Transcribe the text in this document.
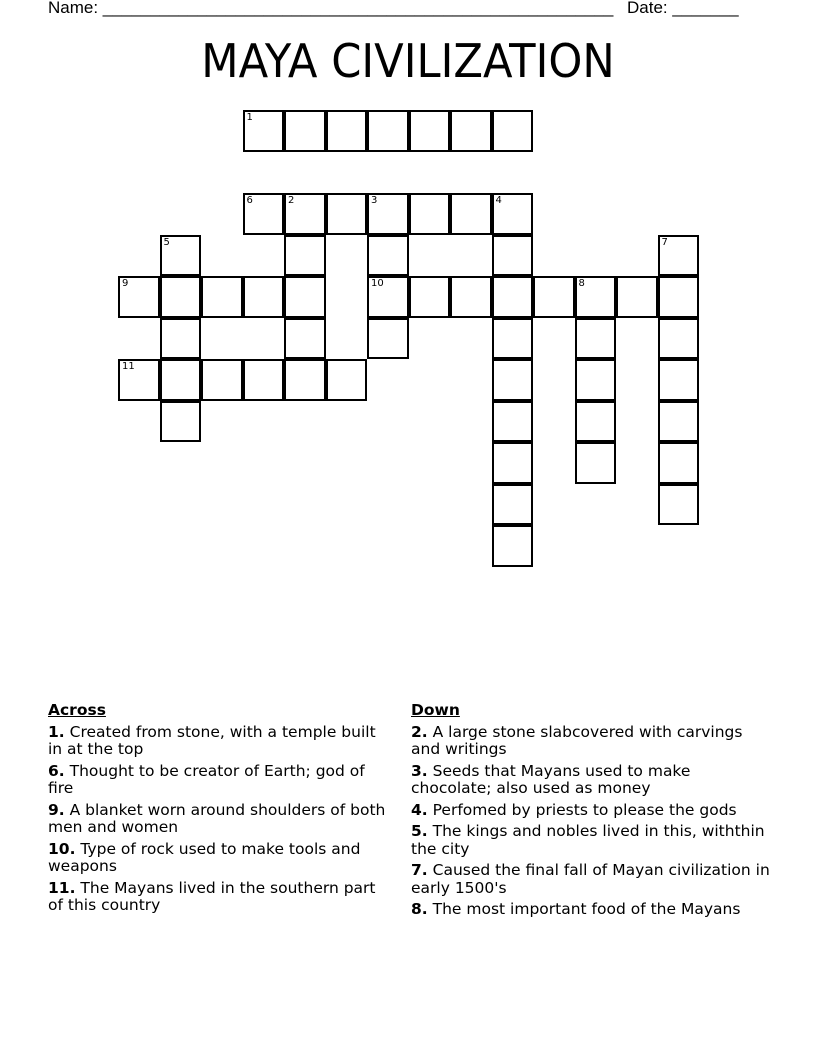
Name: ______________________________________________________ Date: _______
MAYA CIVILIZATION
1
6	2	3	4
9	10	8
11
5	7
Across
1. Created from stone, with a temple built in at the top
6. Thought to be creator of Earth; god of fire
9. A blanket worn around shoulders of both men and women
10. Type of rock used to make tools and weapons
11. The Mayans lived in the southern part of this country
Down
2. A large stone slabcovered with carvings and writings
3. Seeds that Mayans used to make chocolate; also used as money
4. Perfomed by priests to please the gods
5. The kings and nobles lived in this, withthin the city
7. Caused the final fall of Mayan civilization in early 1500's
8. The most important food of the Mayans
